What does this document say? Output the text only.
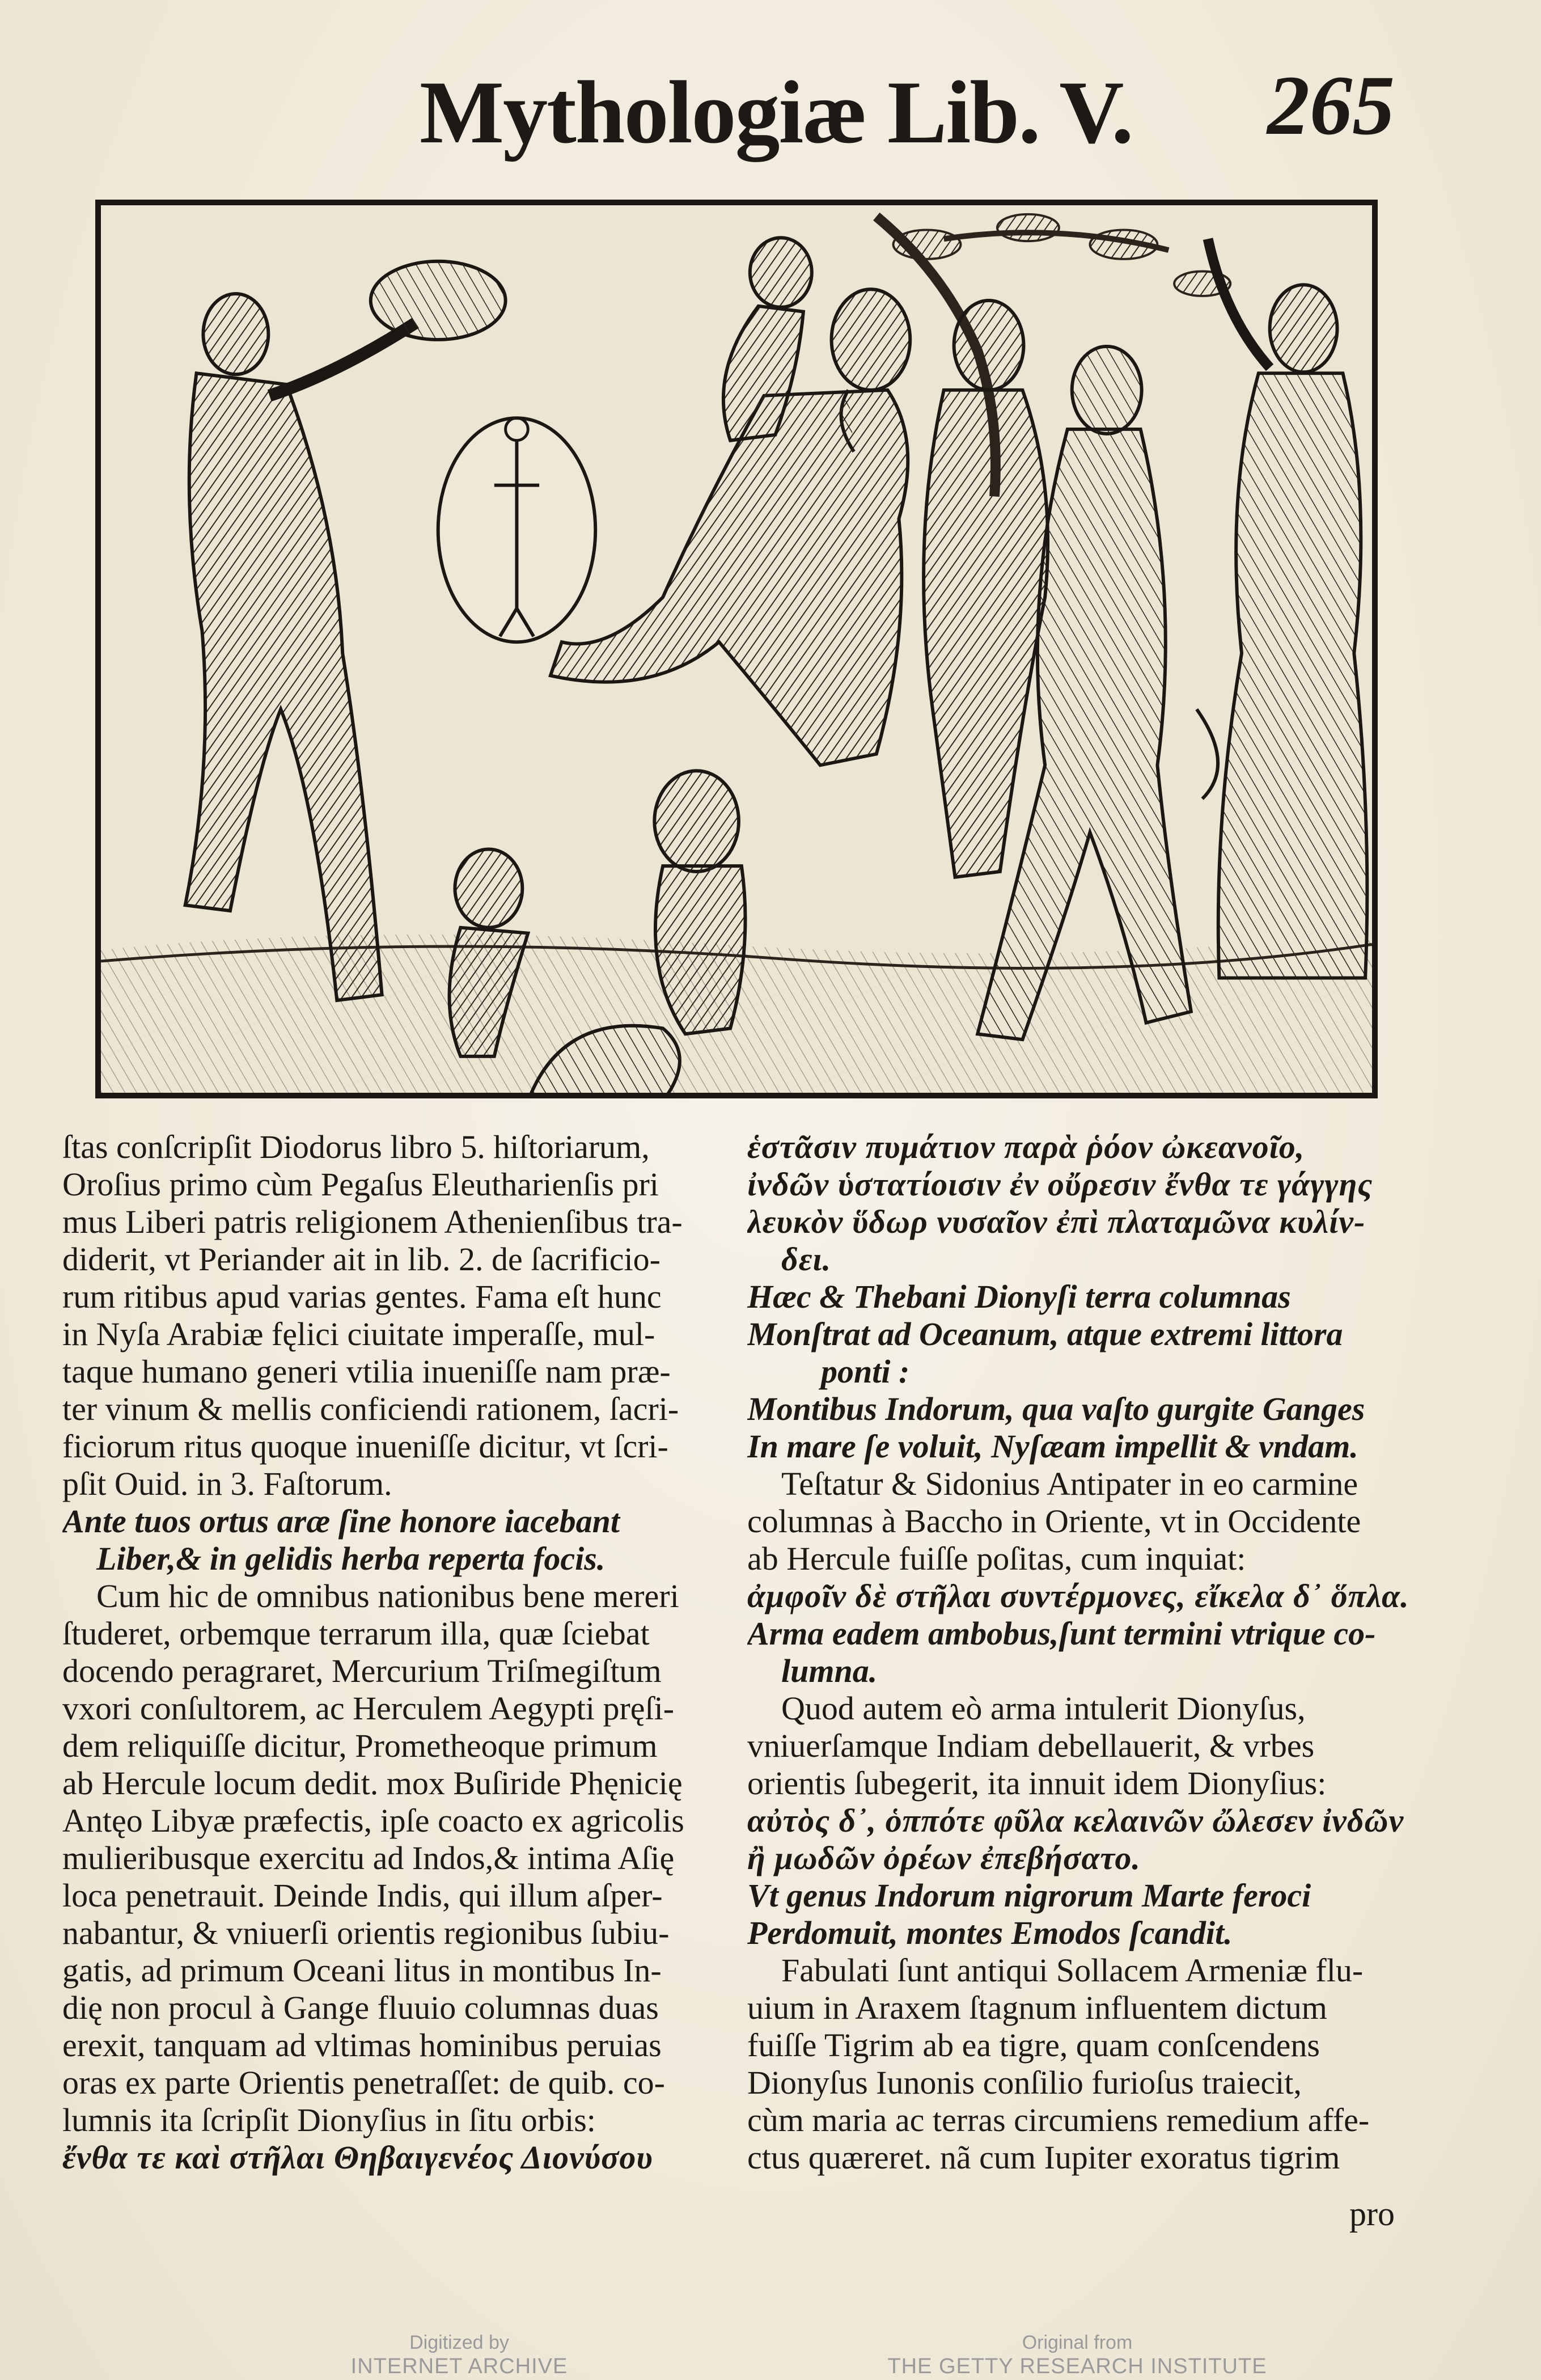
Mythologiæ Lib. V. 265
ſtas conſcripſit Diodorus libro 5. hiſtoriarum,
Oroſius primo cùm Pegaſus Eleutharienſis pri
mus Liberi patris religionem Athenienſibus tra-
diderit, vt Periander ait in lib. 2. de ſacrificio-
rum ritibus apud varias gentes. Fama eſt hunc
in Nyſa Arabiæ fęlici ciuitate imperaſſe, mul-
taque humano generi vtilia inueniſſe nam præ-
ter vinum & mellis conficiendi rationem, ſacri-
ficiorum ritus quoque inueniſſe dicitur, vt ſcri-
pſit Ouid. in 3. Faſtorum.
Ante tuos ortus aræ ſine honore iacebant
Liber,& in gelidis herba reperta focis.
Cum hic de omnibus nationibus bene mereri
ſtuderet, orbemque terrarum illa, quæ ſciebat
docendo peragraret, Mercurium Triſmegiſtum
vxori conſultorem, ac Herculem Aegypti pręſi-
dem reliquiſſe dicitur, Prometheoque primum
ab Hercule locum dedit. mox Buſiride Phęnicię
Antęo Libyæ præfectis, ipſe coacto ex agricolis
mulieribusque exercitu ad Indos,& intima Aſię
loca penetrauit. Deinde Indis, qui illum aſper-
nabantur, & vniuerſi orientis regionibus ſubiu-
gatis, ad primum Oceani litus in montibus In-
dię non procul à Gange fluuio columnas duas
erexit, tanquam ad vltimas hominibus peruias
oras ex parte Orientis penetraſſet: de quib. co-
lumnis ita ſcripſit Dionyſius in ſitu orbis:
ἔνθα τε καὶ στῆλαι Θηβαιγενέος Διονύσου
ἑστᾶσιν πυμάτιον παρὰ ῥόον ὠκεανοῖο,
ἰνδῶν ὑστατίοισιν ἐν οὔρεσιν ἔνθα τε γάγγης
λευκὸν ὕδωρ νυσαῖον ἐπὶ πλαταμῶνα κυλίν-
δει.
Hæc & Thebani Dionyſi terra columnas
Monſtrat ad Oceanum, atque extremi littora
ponti :
Montibus Indorum, qua vaſto gurgite Ganges
In mare ſe voluit, Nyſæam impellit & vndam.
Teſtatur & Sidonius Antipater in eo carmine
columnas à Baccho in Oriente, vt in Occidente
ab Hercule fuiſſe poſitas, cum inquiat:
ἀμφοῖν δὲ στῆλαι συντέρμονες, εἴκελα δ᾽ ὅπλα.
Arma eadem ambobus,ſunt termini vtrique co-
lumna.
Quod autem eò arma intulerit Dionyſus,
vniuerſamque Indiam debellauerit, & vrbes
orientis ſubegerit, ita innuit idem Dionyſius:
αὐτὸς δ᾽, ὁππότε φῦλα κελαινῶν ὤλεσεν ἰνδῶν
ἢ μωδῶν ὀρέων ἐπεβήσατο.
Vt genus Indorum nigrorum Marte feroci
Perdomuit, montes Emodos ſcandit.
Fabulati ſunt antiqui Sollacem Armeniæ flu-
uium in Araxem ſtagnum influentem dictum
fuiſſe Tigrim ab ea tigre, quam conſcendens
Dionyſus Iunonis conſilio furioſus traiecit,
cùm maria ac terras circumiens remedium affe-
ctus quæreret. nã cum Iupiter exoratus tigrim
pro
Digitized by
INTERNET ARCHIVE
Original from
THE GETTY RESEARCH INSTITUTE
